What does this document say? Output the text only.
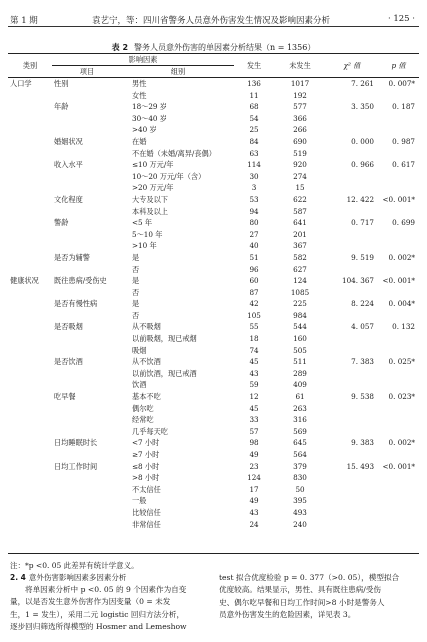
第 1 期	袁艺宁，等：四川省警务人员意外伤害发生情况及影响因素分析	· 125 ·
表 2 警务人员意外伤害的单因素分析结果（n = 1356）
类别	影响因素		发生	未发生	χ² 值	p 值
	项目	组别				
人口学	性别	男性	136	1017	7. 261	0. 007*
		女性	11	192		
	年龄	18～29 岁	68	577	3. 350	0. 187
		30～40 岁	54	366		
		>40 岁	25	266		
	婚姻状况	在婚	84	690	0. 000	0. 987
		不在婚（未婚/离异/丧偶）	63	519		
	收入水平	≤10 万元/年	114	920	0. 966	0. 617
		10～20 万元/年（含）	30	274		
		>20 万元/年	3	15		
	文化程度	大专及以下	53	622	12. 422	<0. 001*
		本科及以上	94	587		
	警龄	<5 年	80	641	0. 717	0. 699
		5～10 年	27	201		
		>10 年	40	367		
	是否为辅警	是	51	582	9. 519	0. 002*
		否	96	627		
健康状况	既往患病/受伤史	是	60	124	104. 367	<0. 001*
		否	87	1085		
	是否有慢性病	是	42	225	8. 224	0. 004*
		否	105	984		
	是否吸烟	从不吸烟	55	544	4. 057	0. 132
		以前吸烟，现已戒烟	18	160		
		吸烟	74	505		
	是否饮酒	从不饮酒	45	511	7. 383	0. 025*
		以前饮酒，现已戒酒	43	289		
		饮酒	59	409		
	吃早餐	基本不吃	12	61	9. 538	0. 023*
		偶尔吃	45	263		
		经常吃	33	316		
		几乎每天吃	57	569		
	日均睡眠时长	<7 小时	98	645	9. 383	0. 002*
		≥7 小时	49	564		
	日均工作时间	≤8 小时	23	379	15. 493	<0. 001*
		>8 小时	124	830		
		不太信任	17	50		
		一般	49	395		
		比较信任	43	493		
		非常信任	24	240		
注：*p <0. 05 此差异有统计学意义。
2. 4 意外伤害影响因素多因素分析
将单因素分析中 p <0. 05 的 9 个因素作为自变
量，以是否发生意外伤害作为因变量（0 = 未发
生，1 = 发生），采用二元 logistic 回归方法分析，
逐步回归筛选所得模型的 Hosmer and Lemeshow
test 拟合优度检验 p = 0. 377（>0. 05），模型拟合
优度较高。结果显示，男性、具有既往患病/受伤
史、偶尔吃早餐和日均工作时间>8 小时是警务人
员意外伤害发生的危险因素，详见表 3。
